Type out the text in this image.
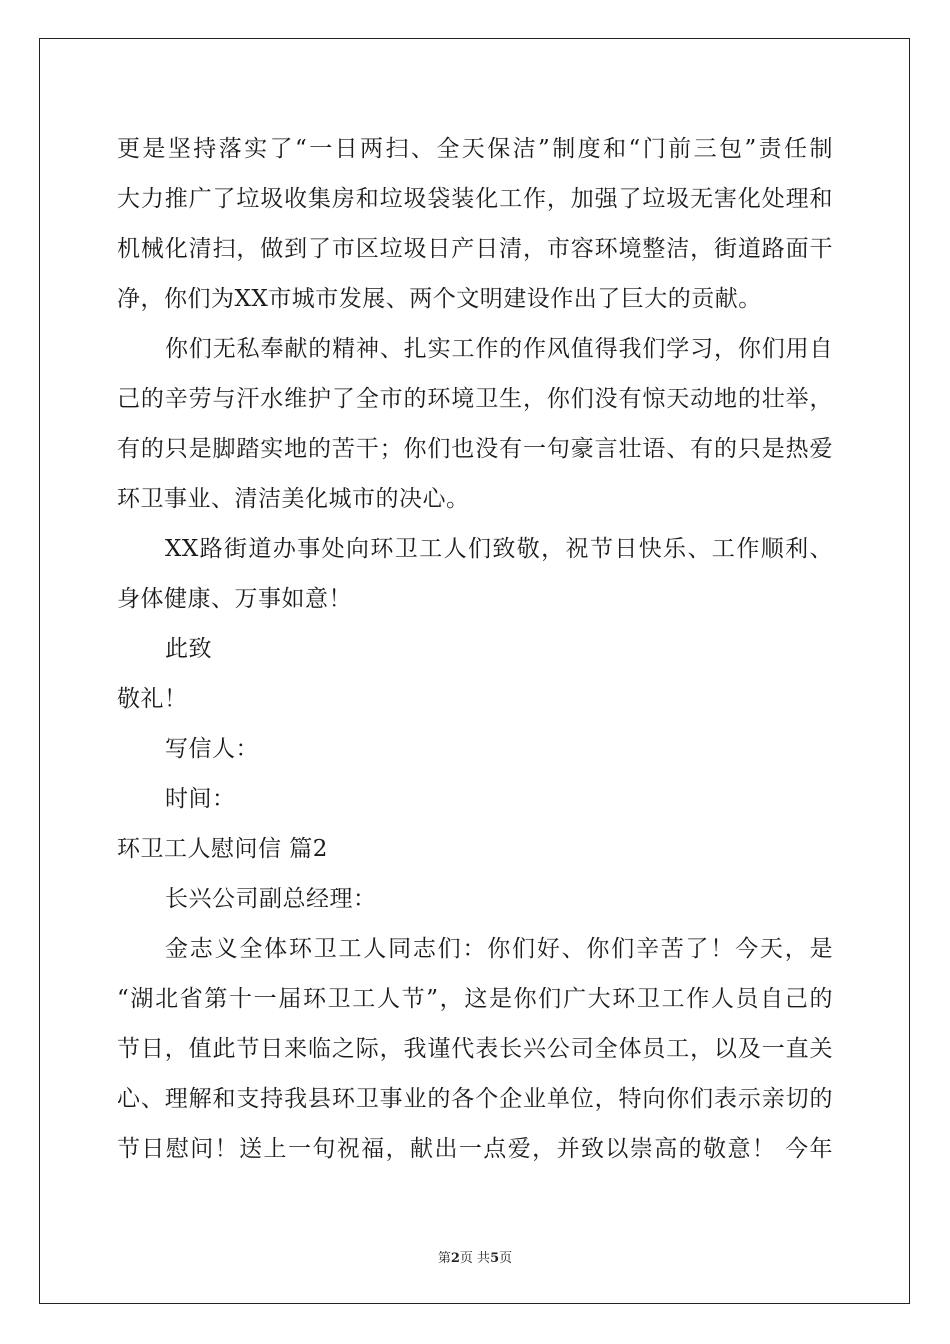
更是坚持落实了“一日两扫、全天保洁”制度和“门前三包”责任制
大力推广了垃圾收集房和垃圾袋装化工作，加强了垃圾无害化处理和
机械化清扫，做到了市区垃圾日产日清，市容环境整洁，街道路面干
净，你们为XX市城市发展、两个文明建设作出了巨大的贡献。
你们无私奉献的精神、扎实工作的作风值得我们学习，你们用自
己的辛劳与汗水维护了全市的环境卫生，你们没有惊天动地的壮举，
有的只是脚踏实地的苦干；你们也没有一句豪言壮语、有的只是热爱
环卫事业、清洁美化城市的决心。
XX路街道办事处向环卫工人们致敬，祝节日快乐、工作顺利、
身体健康、万事如意！
此致
敬礼！
写信人：
时间：
环卫工人慰问信 篇2
长兴公司副总经理：
金志义全体环卫工人同志们：你们好、你们辛苦了！今天，是
“湖北省第十一届环卫工人节”，这是你们广大环卫工作人员自己的
节日，值此节日来临之际，我谨代表长兴公司全体员工，以及一直关
心、理解和支持我县环卫事业的各个企业单位，特向你们表示亲切的
节日慰问！送上一句祝福，献出一点爱，并致以崇高的敬意！ 今年
第2页 共5页
